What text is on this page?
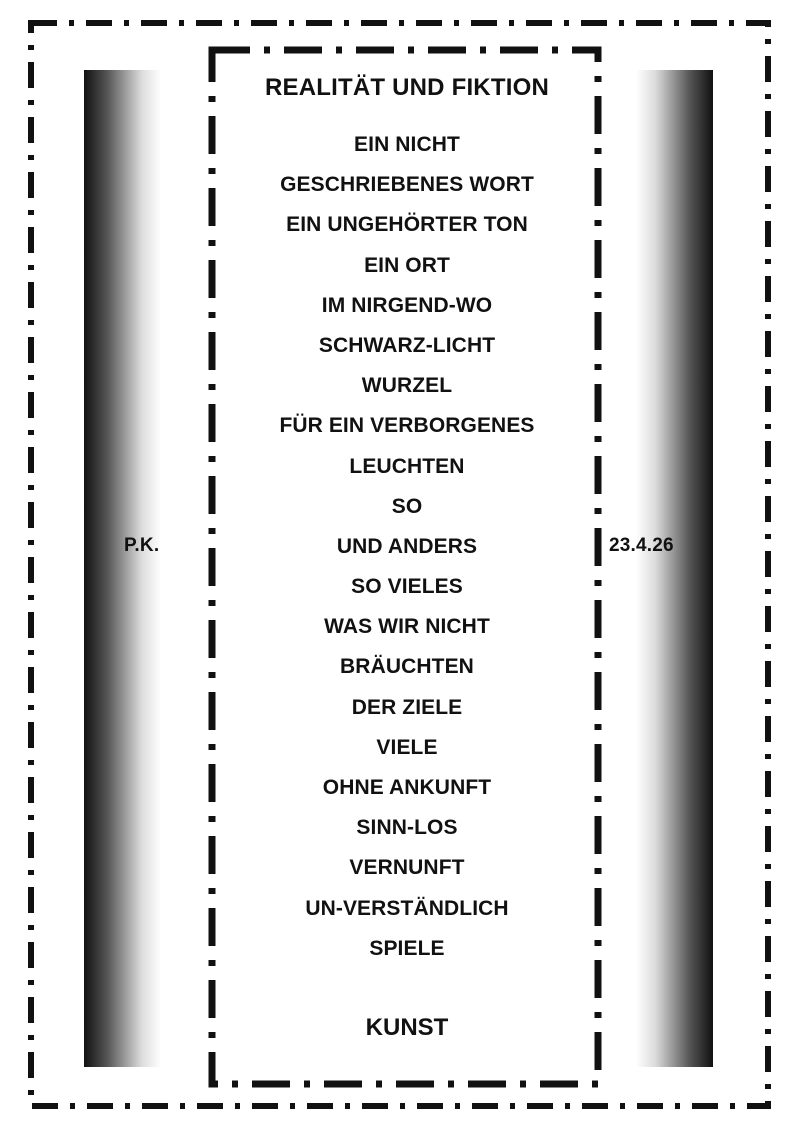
P.K.	23.4.26
REALITÄT UND FIKTION
EIN NICHT
GESCHRIEBENES WORT
EIN UNGEHÖRTER TON
EIN ORT
IM NIRGEND-WO
SCHWARZ-LICHT
WURZEL
FÜR EIN VERBORGENES
LEUCHTEN
SO
UND ANDERS
SO VIELES
WAS WIR NICHT
BRÄUCHTEN
DER ZIELE
VIELE
OHNE ANKUNFT
SINN-LOS
VERNUNFT
UN-VERSTÄNDLICH
SPIELE
KUNST
